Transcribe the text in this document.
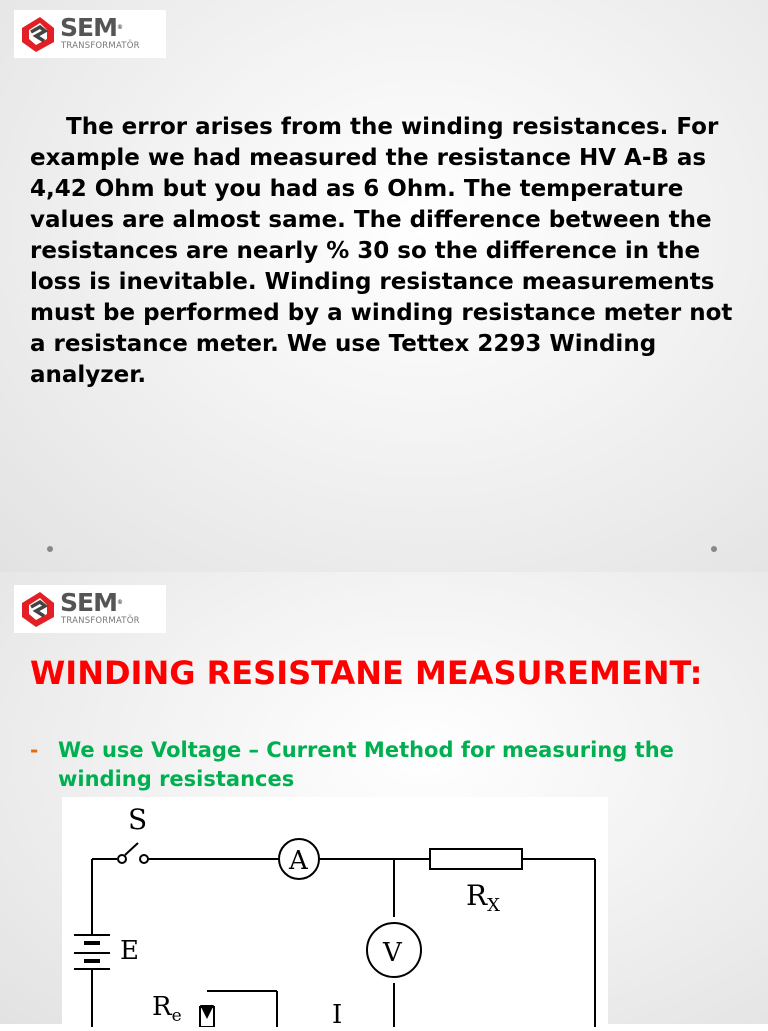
SEM®
TRANSFORMATÖR

The error arises from the winding resistances. For example we had measured the resistance HV A-B as 4,42 Ohm but you had as 6 Ohm. The temperature values are almost same. The difference between the resistances are nearly % 30 so the difference in the loss is inevitable. Winding resistance measurements must be performed by a winding resistance meter not a resistance meter. We use Tettex 2293 Winding analyzer.

SEM®
TRANSFORMATÖR
WINDING RESISTANE MEASUREMENT:
- We use Voltage – Current Method for measuring the winding resistances
S
A
$R_X$
V
E
$R_e$	I
